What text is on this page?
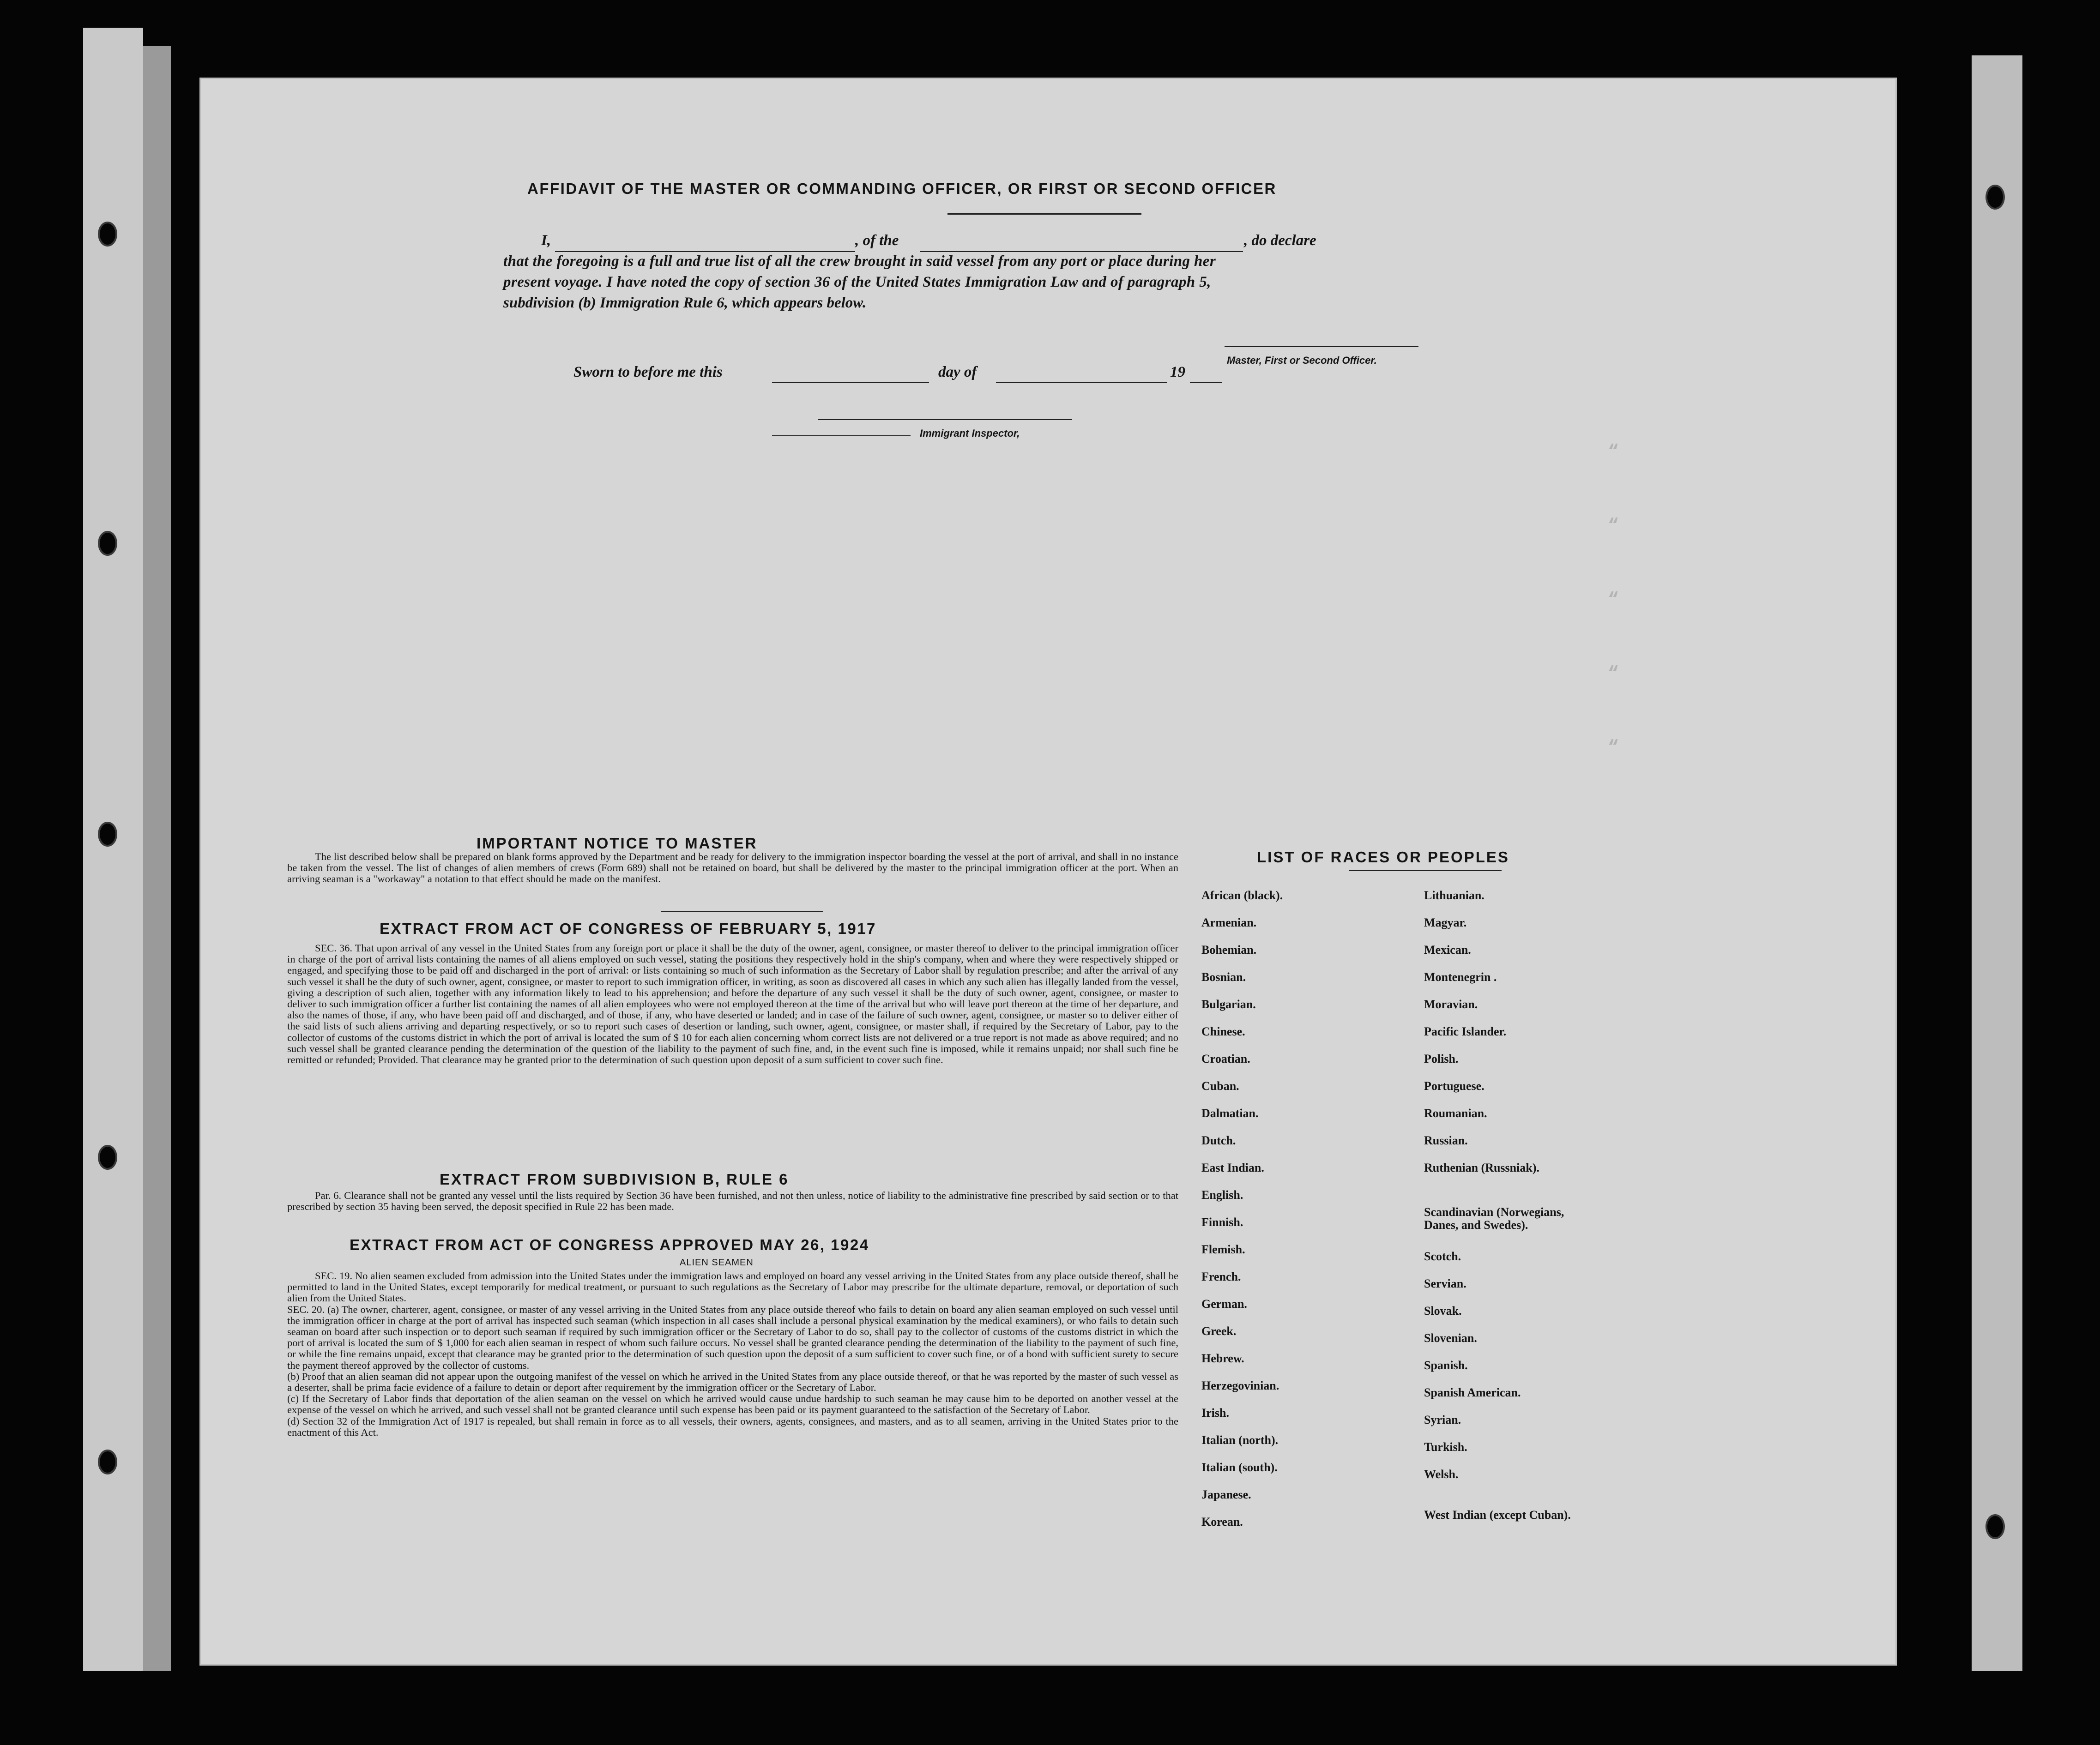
“
“
“
“
“
AFFIDAVIT OF THE MASTER OR COMMANDING OFFICER, OR FIRST OR SECOND OFFICER
I,	, of the	, do declare
that the foregoing is a full and true list of all the crew brought in said vessel from any port or place during her
present voyage. I have noted the copy of section 36 of the United States Immigration Law and of paragraph 5,
subdivision (b) Immigration Rule 6, which appears below.
Master, First or Second Officer.
Sworn to before me this	day of	19
Immigrant Inspector,
IMPORTANT NOTICE TO MASTER
The list described below shall be prepared on blank forms approved by the Department and be ready for delivery to the immigration inspector boarding the vessel at the port of arrival, and shall in no instance be taken from the vessel. The list of changes of alien members of crews (Form 689) shall not be retained on board, but shall be delivered by the master to the principal immigration officer at the port. When an arriving seaman is a "workaway" a notation to that effect should be made on the manifest.
EXTRACT FROM ACT OF CONGRESS OF FEBRUARY 5, 1917
SEC. 36. That upon arrival of any vessel in the United States from any foreign port or place it shall be the duty of the owner, agent, consignee, or master thereof to deliver to the principal immigration officer in charge of the port of arrival lists containing the names of all aliens employed on such vessel, stating the positions they respectively hold in the ship's company, when and where they were respectively shipped or engaged, and specifying those to be paid off and discharged in the port of arrival: or lists containing so much of such information as the Secretary of Labor shall by regulation prescribe; and after the arrival of any such vessel it shall be the duty of such owner, agent, consignee, or master to report to such immigration officer, in writing, as soon as discovered all cases in which any such alien has illegally landed from the vessel, giving a description of such alien, together with any information likely to lead to his apprehension; and before the departure of any such vessel it shall be the duty of such owner, agent, consignee, or master to deliver to such immigration officer a further list containing the names of all alien employees who were not employed thereon at the time of the arrival but who will leave port thereon at the time of her departure, and also the names of those, if any, who have been paid off and discharged, and of those, if any, who have deserted or landed; and in case of the failure of such owner, agent, consignee, or master so to deliver either of the said lists of such aliens arriving and departing respectively, or so to report such cases of desertion or landing, such owner, agent, consignee, or master shall, if required by the Secretary of Labor, pay to the collector of customs of the customs district in which the port of arrival is located the sum of $ 10 for each alien concerning whom correct lists are not delivered or a true report is not made as above required; and no such vessel shall be granted clearance pending the determination of the question of the liability to the payment of such fine, and, in the event such fine is imposed, while it remains unpaid; nor shall such fine be remitted or refunded; Provided. That clearance may be granted prior to the determination of such question upon deposit of a sum sufficient to cover such fine.
EXTRACT FROM SUBDIVISION B, RULE 6
Par. 6. Clearance shall not be granted any vessel until the lists required by Section 36 have been furnished, and not then unless, notice of liability to the administrative fine prescribed by said section or to that prescribed by section 35 having been served, the deposit specified in Rule 22 has been made.
EXTRACT FROM ACT OF CONGRESS APPROVED MAY 26, 1924
ALIEN SEAMEN
SEC. 19. No alien seamen excluded from admission into the United States under the immigration laws and employed on board any vessel arriving in the United States from any place outside thereof, shall be permitted to land in the United States, except temporarily for medical treatment, or pursuant to such regulations as the Secretary of Labor may prescribe for the ultimate departure, removal, or deportation of such alien from the United States.
SEC. 20. (a) The owner, charterer, agent, consignee, or master of any vessel arriving in the United States from any place outside thereof who fails to detain on board any alien seaman employed on such vessel until the immigration officer in charge at the port of arrival has inspected such seaman (which inspection in all cases shall include a personal physical examination by the medical examiners), or who fails to detain such seaman on board after such inspection or to deport such seaman if required by such immigration officer or the Secretary of Labor to do so, shall pay to the collector of customs of the customs district in which the port of arrival is located the sum of $ 1,000 for each alien seaman in respect of whom such failure occurs. No vessel shall be granted clearance pending the determination of the liability to the payment of such fine, or while the fine remains unpaid, except that clearance may be granted prior to the determination of such question upon the deposit of a sum sufficient to cover such fine, or of a bond with sufficient surety to secure the payment thereof approved by the collector of customs.
(b) Proof that an alien seaman did not appear upon the outgoing manifest of the vessel on which he arrived in the United States from any place outside thereof, or that he was reported by the master of such vessel as a deserter, shall be prima facie evidence of a failure to detain or deport after requirement by the immigration officer or the Secretary of Labor.
(c) If the Secretary of Labor finds that deportation of the alien seaman on the vessel on which he arrived would cause undue hardship to such seaman he may cause him to be deported on another vessel at the expense of the vessel on which he arrived, and such vessel shall not be granted clearance until such expense has been paid or its payment guaranteed to the satisfaction of the Secretary of Labor.
(d) Section 32 of the Immigration Act of 1917 is repealed, but shall remain in force as to all vessels, their owners, agents, consignees, and masters, and as to all seamen, arriving in the United States prior to the enactment of this Act.
LIST OF RACES OR PEOPLES
African (black).
Armenian.
Bohemian.
Bosnian.
Bulgarian.
Chinese.
Croatian.
Cuban.
Dalmatian.
Dutch.
East Indian.
English.
Finnish.
Flemish.
French.
German.
Greek.
Hebrew.
Herzegovinian.
Irish.
Italian (north).
Italian (south).
Japanese.
Korean.
Lithuanian.
Magyar.
Mexican.
Montenegrin .
Moravian.
Pacific Islander.
Polish.
Portuguese.
Roumanian.
Russian.
Ruthenian (Russniak).
Scandinavian (Norwegians, Danes, and Swedes).
Scotch.
Servian.
Slovak.
Slovenian.
Spanish.
Spanish American.
Syrian.
Turkish.
Welsh.
West Indian (except Cuban).
